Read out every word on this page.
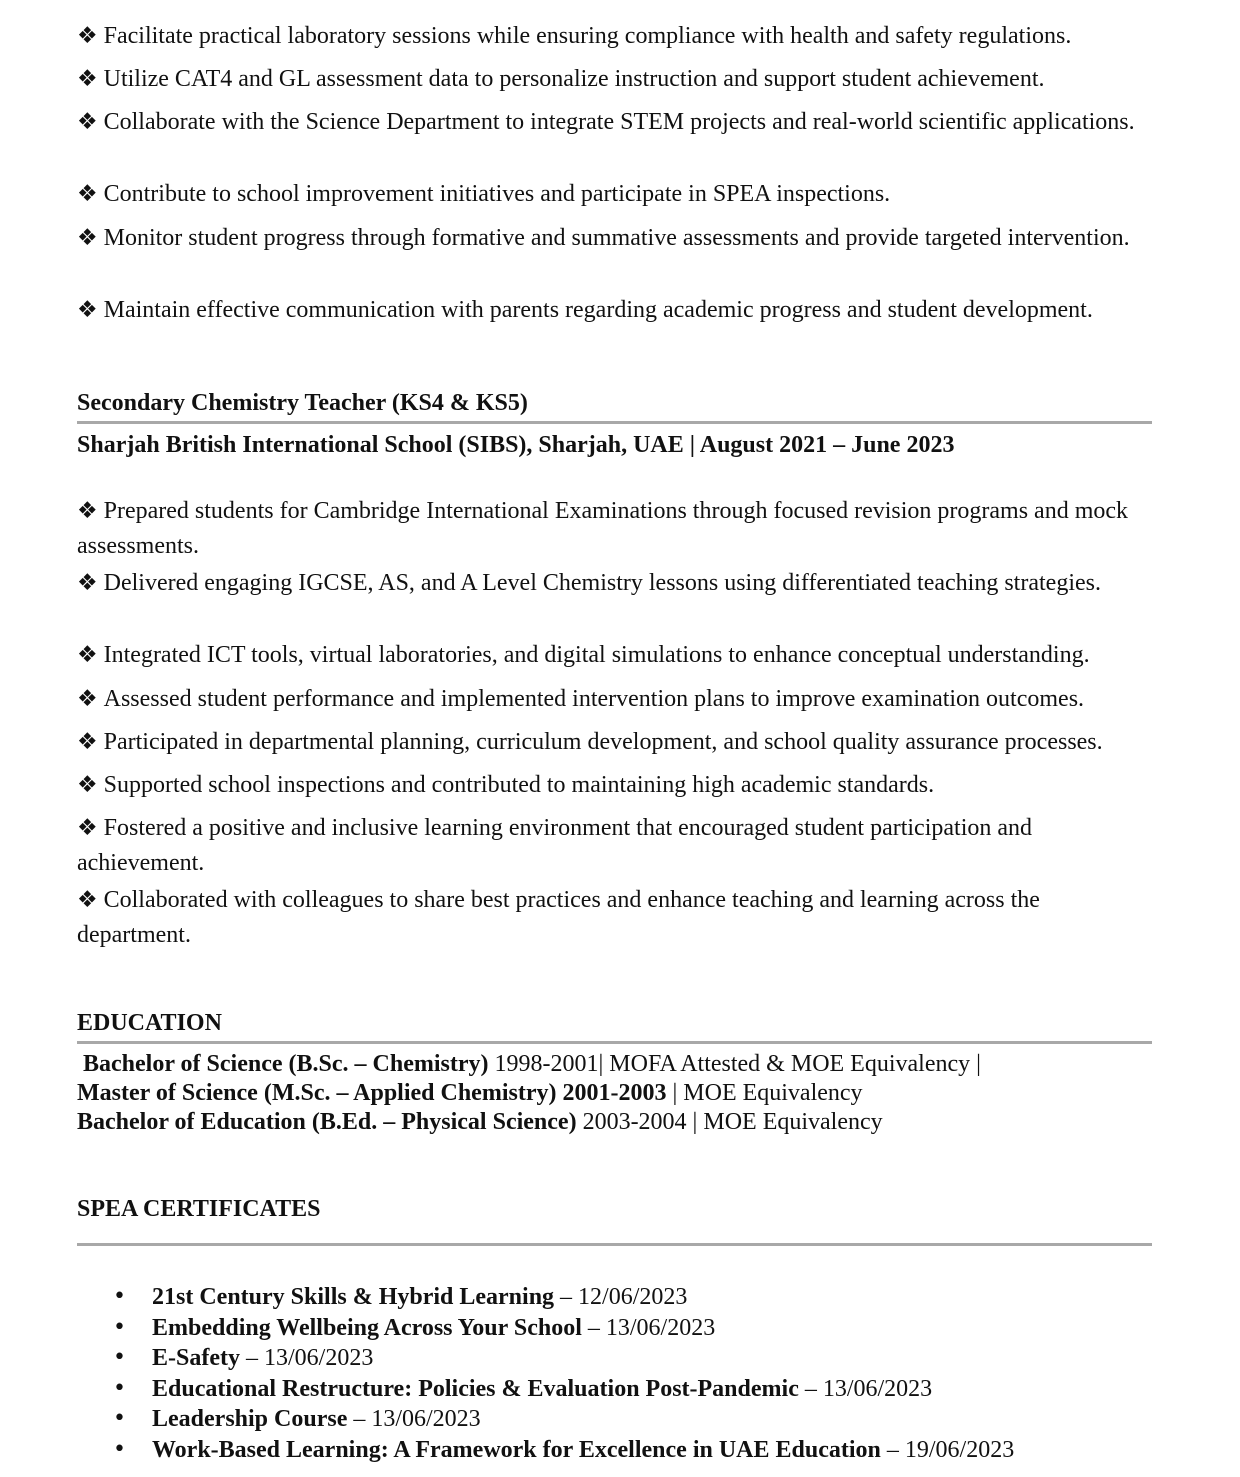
❖ Facilitate practical laboratory sessions while ensuring compliance with health and safety regulations.

❖ Utilize CAT4 and GL assessment data to personalize instruction and support student achievement.

❖ Collaborate with the Science Department to integrate STEM projects and real-world scientific applications.

❖ Contribute to school improvement initiatives and participate in SPEA inspections.

❖ Monitor student progress through formative and summative assessments and provide targeted intervention.

❖ Maintain effective communication with parents regarding academic progress and student development.

Secondary Chemistry Teacher (KS4 & KS5)
Sharjah British International School (SIBS), Sharjah, UAE | August 2021 – June 2023

❖ Prepared students for Cambridge International Examinations through focused revision programs and mock assessments.

❖ Delivered engaging IGCSE, AS, and A Level Chemistry lessons using differentiated teaching strategies.

❖ Integrated ICT tools, virtual laboratories, and digital simulations to enhance conceptual understanding.

❖ Assessed student performance and implemented intervention plans to improve examination outcomes.

❖ Participated in departmental planning, curriculum development, and school quality assurance processes.

❖ Supported school inspections and contributed to maintaining high academic standards.

❖ Fostered a positive and inclusive learning environment that encouraged student participation and achievement.

❖ Collaborated with colleagues to share best practices and enhance teaching and learning across the department.

EDUCATION

Bachelor of Science (B.Sc. – Chemistry) 1998-2001| MOFA Attested & MOE Equivalency |

Master of Science (M.Sc. – Applied Chemistry) 2001-2003 | MOE Equivalency

Bachelor of Education (B.Ed. – Physical Science) 2003-2004 | MOE Equivalency

SPEA CERTIFICATES
• 21st Century Skills & Hybrid Learning – 12/06/2023
• Embedding Wellbeing Across Your School – 13/06/2023
• E-Safety – 13/06/2023
• Educational Restructure: Policies & Evaluation Post-Pandemic – 13/06/2023
• Leadership Course – 13/06/2023
• Work-Based Learning: A Framework for Excellence in UAE Education – 19/06/2023
